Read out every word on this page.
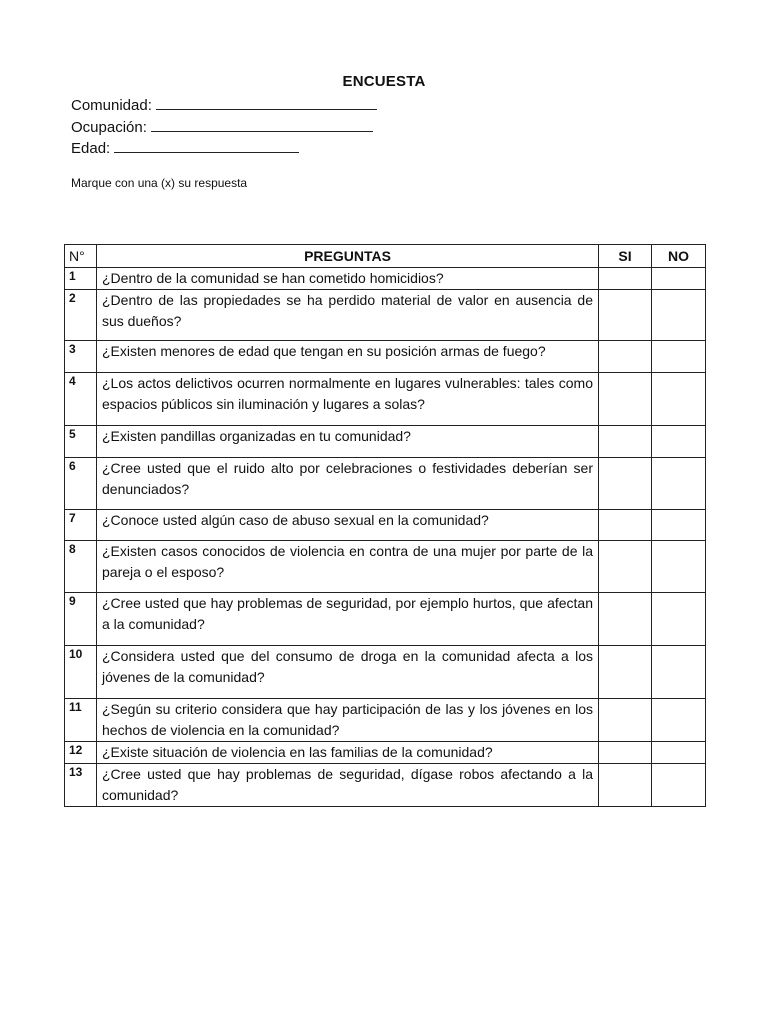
ENCUESTA
Comunidad:
Ocupación:
Edad:
Marque con una (x) su respuesta
N°	PREGUNTAS	SI	NO
1	¿Dentro de la comunidad se han cometido homicidios?		
2	¿Dentro de las propiedades se ha perdido material de valor en ausencia de sus dueños?		
3	¿Existen menores de edad que tengan en su posición armas de fuego?		
4	¿Los actos delictivos ocurren normalmente en lugares vulnerables: tales como espacios públicos sin iluminación y lugares a solas?		
5	¿Existen pandillas organizadas en tu comunidad?		
6	¿Cree usted que el ruido alto por celebraciones o festividades deberían ser denunciados?		
7	¿Conoce usted algún caso de abuso sexual en la comunidad?		
8	¿Existen casos conocidos de violencia en contra de una mujer por parte de la pareja o el esposo?		
9	¿Cree usted que hay problemas de seguridad, por ejemplo hurtos, que afectan a la comunidad?		
10	¿Considera usted que del consumo de droga en la comunidad afecta a los jóvenes de la comunidad?		
11	¿Según su criterio considera que hay participación de las y los jóvenes en los hechos de violencia en la comunidad?		
12	¿Existe situación de violencia en las familias de la comunidad?		
13	¿Cree usted que hay problemas de seguridad, dígase robos afectando a la comunidad?		
